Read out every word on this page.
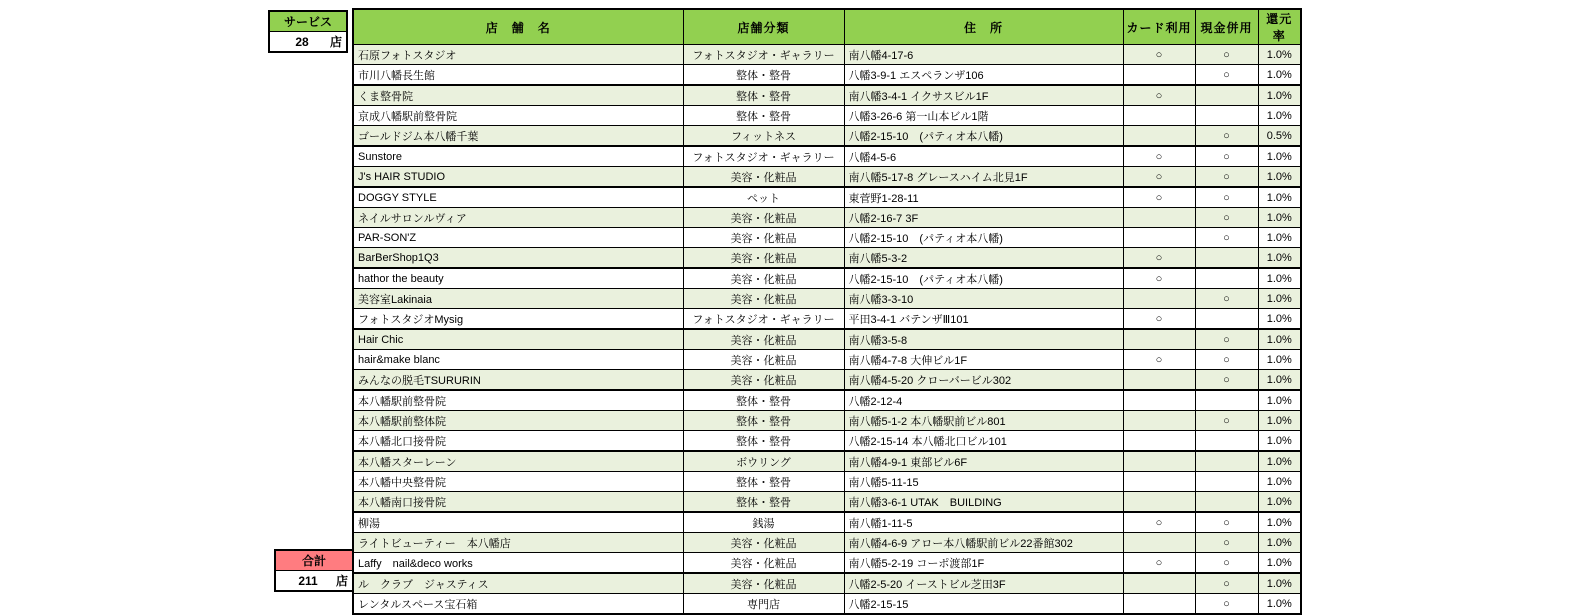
サービス
28	店
合計
211	店
店　舗　名	店舗分類	住　所	カード利用	現金併用	還元率
石原フォトスタジオ	フォトスタジオ・ギャラリー	南八幡4-17-6	○	○	1.0%
市川八幡長生館	整体・整骨	八幡3-9-1 エスペランザ106		○	1.0%
くま整骨院	整体・整骨	南八幡3-4-1 イクサスビル1F	○		1.0%
京成八幡駅前整骨院	整体・整骨	八幡3-26-6 第一山本ビル1階			1.0%
ゴールドジム本八幡千葉	フィットネス	八幡2-15-10　(パティオ本八幡)		○	0.5%
Sunstore	フォトスタジオ・ギャラリー	八幡4-5-6	○	○	1.0%
J's HAIR STUDIO	美容・化粧品	南八幡5-17-8 グレースハイム北見1F	○	○	1.0%
DOGGY STYLE	ペット	東菅野1-28-11	○	○	1.0%
ネイルサロンルヴィア	美容・化粧品	八幡2-16-7 3F		○	1.0%
PAR-SON'Z	美容・化粧品	八幡2-15-10　(パティオ本八幡)		○	1.0%
BarBerShop1Q3	美容・化粧品	南八幡5-3-2	○		1.0%
hathor the beauty	美容・化粧品	八幡2-15-10　(パティオ本八幡)	○		1.0%
美容室Lakinaia	美容・化粧品	南八幡3-3-10		○	1.0%
フォトスタジオMysig	フォトスタジオ・ギャラリー	平田3-4-1 バテンザⅢ101	○		1.0%
Hair Chic	美容・化粧品	南八幡3-5-8		○	1.0%
hair&make blanc	美容・化粧品	南八幡4-7-8 大伸ビル1F	○	○	1.0%
みんなの脱毛TSURURIN	美容・化粧品	南八幡4-5-20 クローバービル302		○	1.0%
本八幡駅前整骨院	整体・整骨	八幡2-12-4			1.0%
本八幡駅前整体院	整体・整骨	南八幡5-1-2 本八幡駅前ビル801		○	1.0%
本八幡北口接骨院	整体・整骨	八幡2-15-14 本八幡北口ビル101			1.0%
本八幡スターレーン	ボウリング	南八幡4-9-1 東部ビル6F			1.0%
本八幡中央整骨院	整体・整骨	南八幡5-11-15			1.0%
本八幡南口接骨院	整体・整骨	南八幡3-6-1 UTAK　BUILDING			1.0%
柳湯	銭湯	南八幡1-11-5	○	○	1.0%
ライトビューティー　本八幡店	美容・化粧品	南八幡4-6-9 アロー本八幡駅前ビル22番館302		○	1.0%
Laffy　nail&deco works	美容・化粧品	南八幡5-2-19 コーポ渡部1F	○	○	1.0%
ル　クラブ　ジャスティス	美容・化粧品	八幡2-5-20 イーストビル芝田3F		○	1.0%
レンタルスペース宝石箱	専門店	八幡2-15-15		○	1.0%
